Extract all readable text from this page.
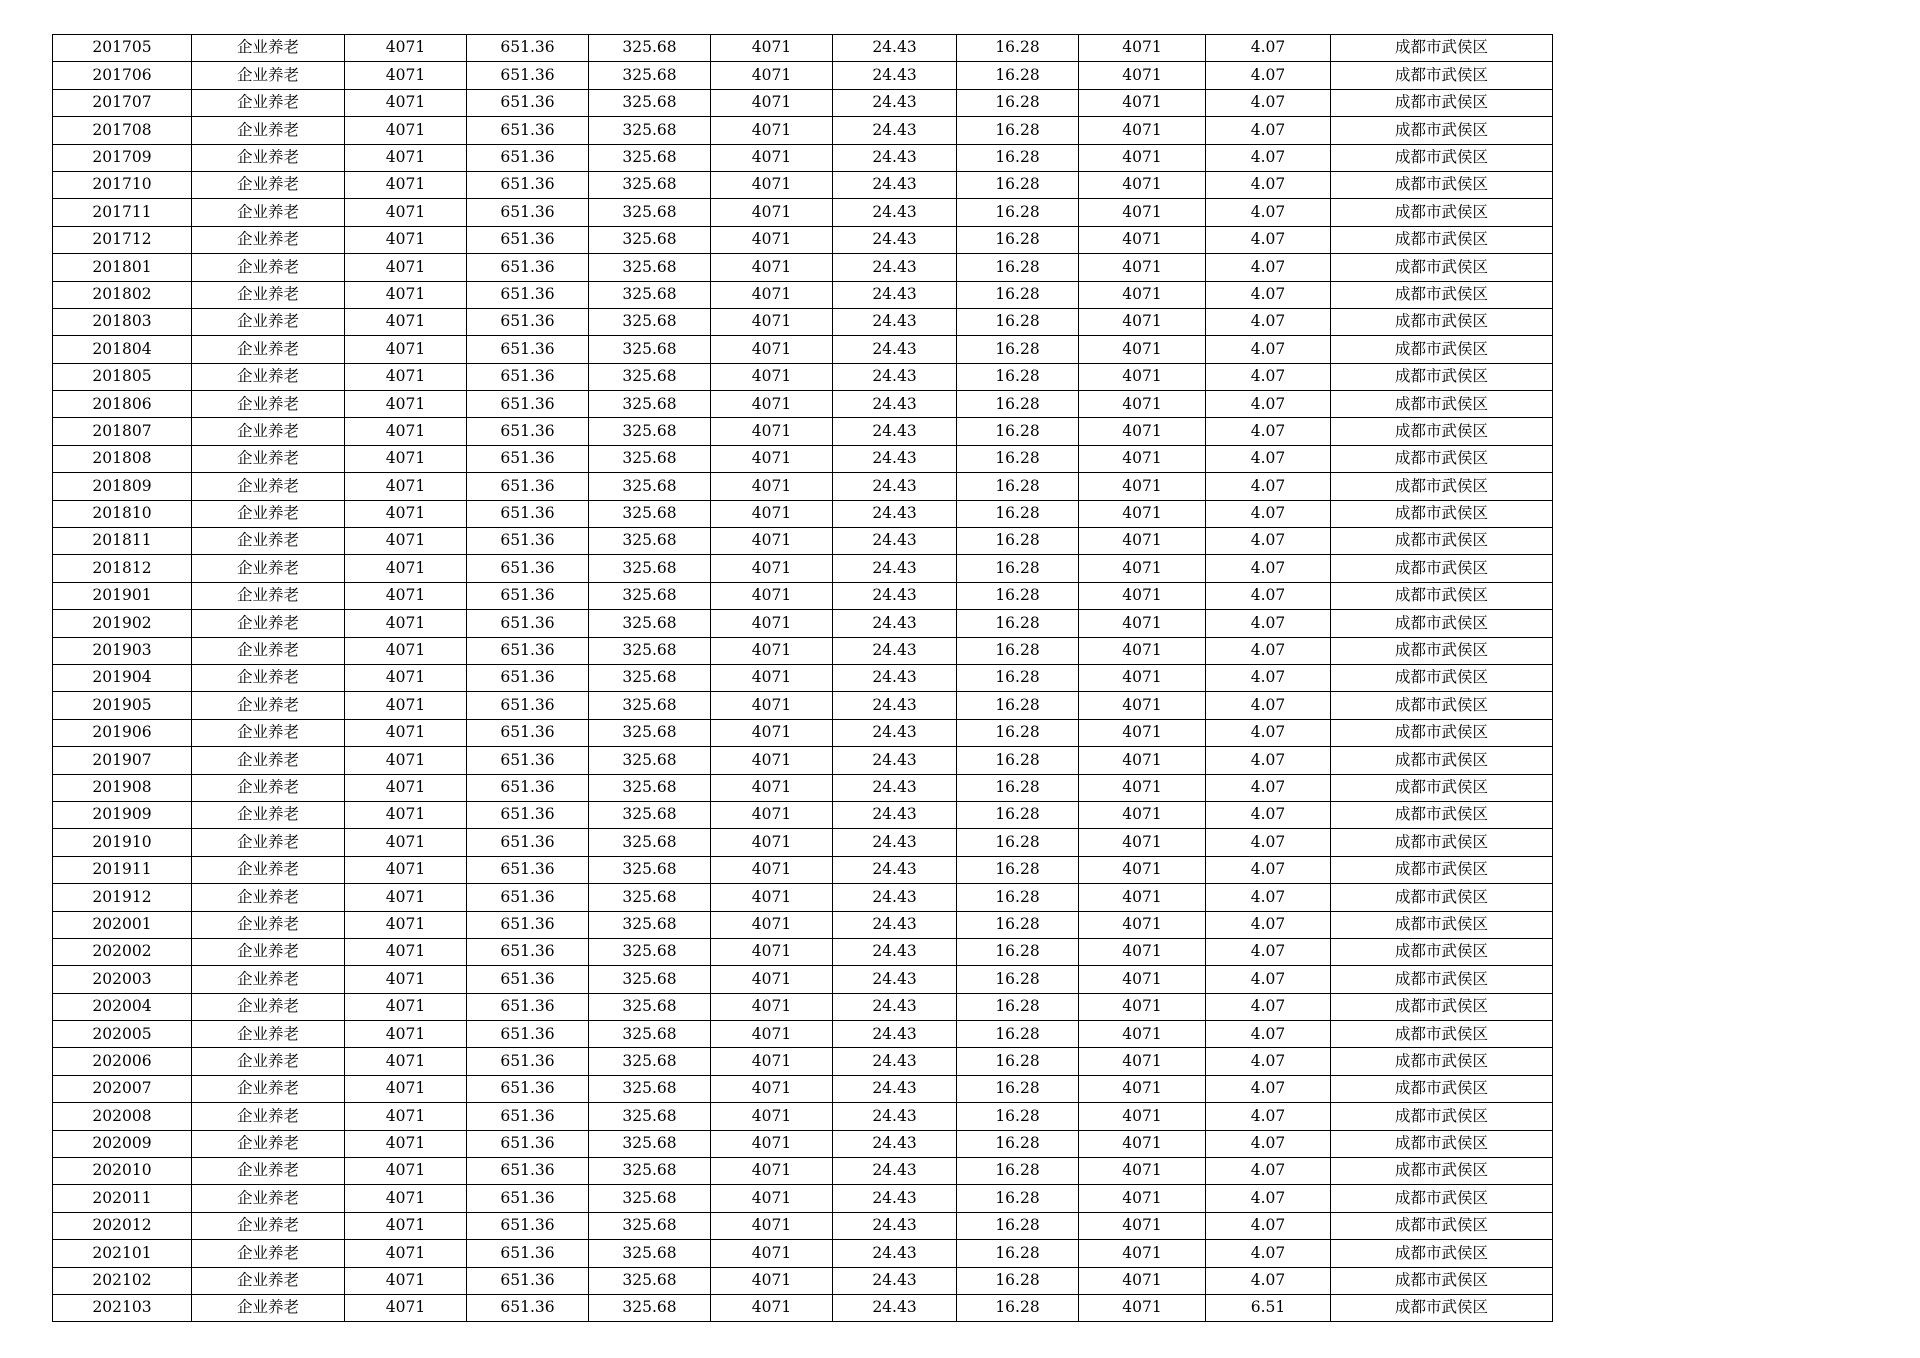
201705	企业养老	4071	651.36	325.68	4071	24.43	16.28	4071	4.07	成都市武侯区
201706	企业养老	4071	651.36	325.68	4071	24.43	16.28	4071	4.07	成都市武侯区
201707	企业养老	4071	651.36	325.68	4071	24.43	16.28	4071	4.07	成都市武侯区
201708	企业养老	4071	651.36	325.68	4071	24.43	16.28	4071	4.07	成都市武侯区
201709	企业养老	4071	651.36	325.68	4071	24.43	16.28	4071	4.07	成都市武侯区
201710	企业养老	4071	651.36	325.68	4071	24.43	16.28	4071	4.07	成都市武侯区
201711	企业养老	4071	651.36	325.68	4071	24.43	16.28	4071	4.07	成都市武侯区
201712	企业养老	4071	651.36	325.68	4071	24.43	16.28	4071	4.07	成都市武侯区
201801	企业养老	4071	651.36	325.68	4071	24.43	16.28	4071	4.07	成都市武侯区
201802	企业养老	4071	651.36	325.68	4071	24.43	16.28	4071	4.07	成都市武侯区
201803	企业养老	4071	651.36	325.68	4071	24.43	16.28	4071	4.07	成都市武侯区
201804	企业养老	4071	651.36	325.68	4071	24.43	16.28	4071	4.07	成都市武侯区
201805	企业养老	4071	651.36	325.68	4071	24.43	16.28	4071	4.07	成都市武侯区
201806	企业养老	4071	651.36	325.68	4071	24.43	16.28	4071	4.07	成都市武侯区
201807	企业养老	4071	651.36	325.68	4071	24.43	16.28	4071	4.07	成都市武侯区
201808	企业养老	4071	651.36	325.68	4071	24.43	16.28	4071	4.07	成都市武侯区
201809	企业养老	4071	651.36	325.68	4071	24.43	16.28	4071	4.07	成都市武侯区
201810	企业养老	4071	651.36	325.68	4071	24.43	16.28	4071	4.07	成都市武侯区
201811	企业养老	4071	651.36	325.68	4071	24.43	16.28	4071	4.07	成都市武侯区
201812	企业养老	4071	651.36	325.68	4071	24.43	16.28	4071	4.07	成都市武侯区
201901	企业养老	4071	651.36	325.68	4071	24.43	16.28	4071	4.07	成都市武侯区
201902	企业养老	4071	651.36	325.68	4071	24.43	16.28	4071	4.07	成都市武侯区
201903	企业养老	4071	651.36	325.68	4071	24.43	16.28	4071	4.07	成都市武侯区
201904	企业养老	4071	651.36	325.68	4071	24.43	16.28	4071	4.07	成都市武侯区
201905	企业养老	4071	651.36	325.68	4071	24.43	16.28	4071	4.07	成都市武侯区
201906	企业养老	4071	651.36	325.68	4071	24.43	16.28	4071	4.07	成都市武侯区
201907	企业养老	4071	651.36	325.68	4071	24.43	16.28	4071	4.07	成都市武侯区
201908	企业养老	4071	651.36	325.68	4071	24.43	16.28	4071	4.07	成都市武侯区
201909	企业养老	4071	651.36	325.68	4071	24.43	16.28	4071	4.07	成都市武侯区
201910	企业养老	4071	651.36	325.68	4071	24.43	16.28	4071	4.07	成都市武侯区
201911	企业养老	4071	651.36	325.68	4071	24.43	16.28	4071	4.07	成都市武侯区
201912	企业养老	4071	651.36	325.68	4071	24.43	16.28	4071	4.07	成都市武侯区
202001	企业养老	4071	651.36	325.68	4071	24.43	16.28	4071	4.07	成都市武侯区
202002	企业养老	4071	651.36	325.68	4071	24.43	16.28	4071	4.07	成都市武侯区
202003	企业养老	4071	651.36	325.68	4071	24.43	16.28	4071	4.07	成都市武侯区
202004	企业养老	4071	651.36	325.68	4071	24.43	16.28	4071	4.07	成都市武侯区
202005	企业养老	4071	651.36	325.68	4071	24.43	16.28	4071	4.07	成都市武侯区
202006	企业养老	4071	651.36	325.68	4071	24.43	16.28	4071	4.07	成都市武侯区
202007	企业养老	4071	651.36	325.68	4071	24.43	16.28	4071	4.07	成都市武侯区
202008	企业养老	4071	651.36	325.68	4071	24.43	16.28	4071	4.07	成都市武侯区
202009	企业养老	4071	651.36	325.68	4071	24.43	16.28	4071	4.07	成都市武侯区
202010	企业养老	4071	651.36	325.68	4071	24.43	16.28	4071	4.07	成都市武侯区
202011	企业养老	4071	651.36	325.68	4071	24.43	16.28	4071	4.07	成都市武侯区
202012	企业养老	4071	651.36	325.68	4071	24.43	16.28	4071	4.07	成都市武侯区
202101	企业养老	4071	651.36	325.68	4071	24.43	16.28	4071	4.07	成都市武侯区
202102	企业养老	4071	651.36	325.68	4071	24.43	16.28	4071	4.07	成都市武侯区
202103	企业养老	4071	651.36	325.68	4071	24.43	16.28	4071	6.51	成都市武侯区
